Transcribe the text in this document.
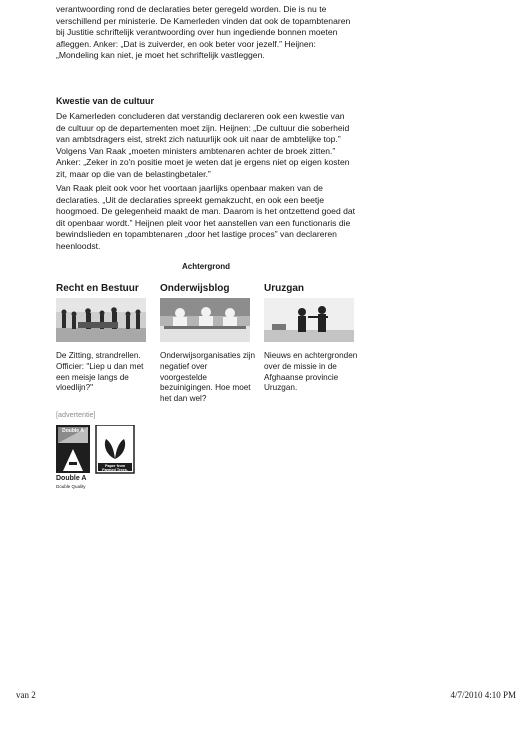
verantwoording rond de declaraties beter geregeld worden. Die is nu te verschillend per ministerie. De Kamerleden vinden dat ook de topambtenaren bij Justitie schriftelijk verantwoording over hun ingediende bonnen moeten afleggen. Anker: „Dat is zuiverder, en ook beter voor jezelf.” Heijnen: „Mondeling kan niet, je moet het schriftelijk vastleggen.

Kwestie van de cultuur

De Kamerleden concluderen dat verstandig declareren ook een kwestie van de cultuur op de departementen moet zijn. Heijnen: „De cultuur die soberheid van ambtsdragers eist, strekt zich natuurlijk ook uit naar de ambtelijke top.” Volgens Van Raak „moeten ministers ambtenaren achter de broek zitten.” Anker: „Zeker in zo'n positie moet je weten dat je ergens niet op eigen kosten zit, maar op die van de belastingbetaler.”

Van Raak pleit ook voor het voortaan jaarlijks openbaar maken van de declaraties. „Uit de declaraties spreekt gemakzucht, en ook een beetje hoogmoed. De gelegenheid maakt de man. Daarom is het ontzettend goed dat dit openbaar wordt.” Heijnen pleit voor het aanstellen van een functionaris die bewindslieden en topambtenaren „door het lastige proces” van declareren heenloodst.

Achtergrond
Recht en Bestuur
De Zitting, strandrellen. Officier: "Liep u dan met een meisje langs de vloedlijn?"
Onderwijsblog
Onderwijsorganisaties zijn negatief over voorgestelde bezuinigingen. Hoe moet het dan wel?
Uruzgan
Nieuws en achtergronden over de missie in de Afghaanse provincie Uruzgan.
[advertentie]
Double A
Paper from Farmed Trees.
Double A
Double Quality
van 2	4/7/2010 4:10 PM
